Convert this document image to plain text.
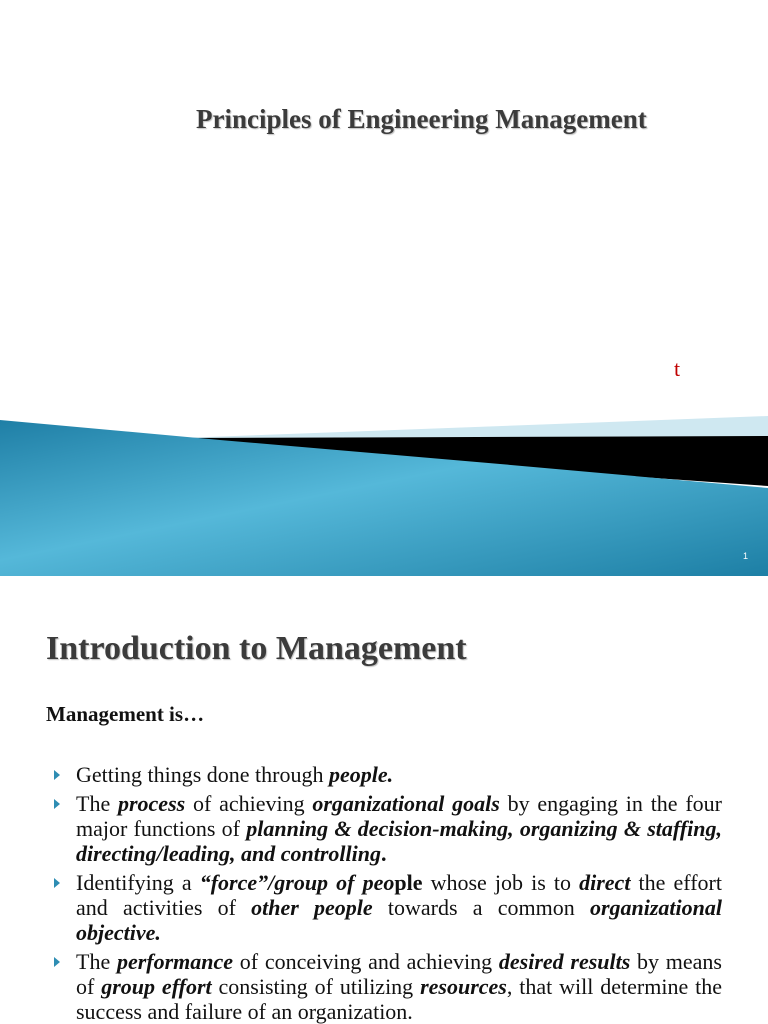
Principles of Engineering Management
t
1
Introduction to Management
Management is…
Getting things done through people.
The process of achieving organizational goals by engaging in the four major functions of planning & decision-making, organizing & staffing, directing/leading, and controlling.
Identifying a “force”/group of people whose job is to direct the effort and activities of other people towards a common organizational objective.
The performance of conceiving and achieving desired results by means of group effort consisting of utilizing resources, that will determine the success and failure of an organization.
